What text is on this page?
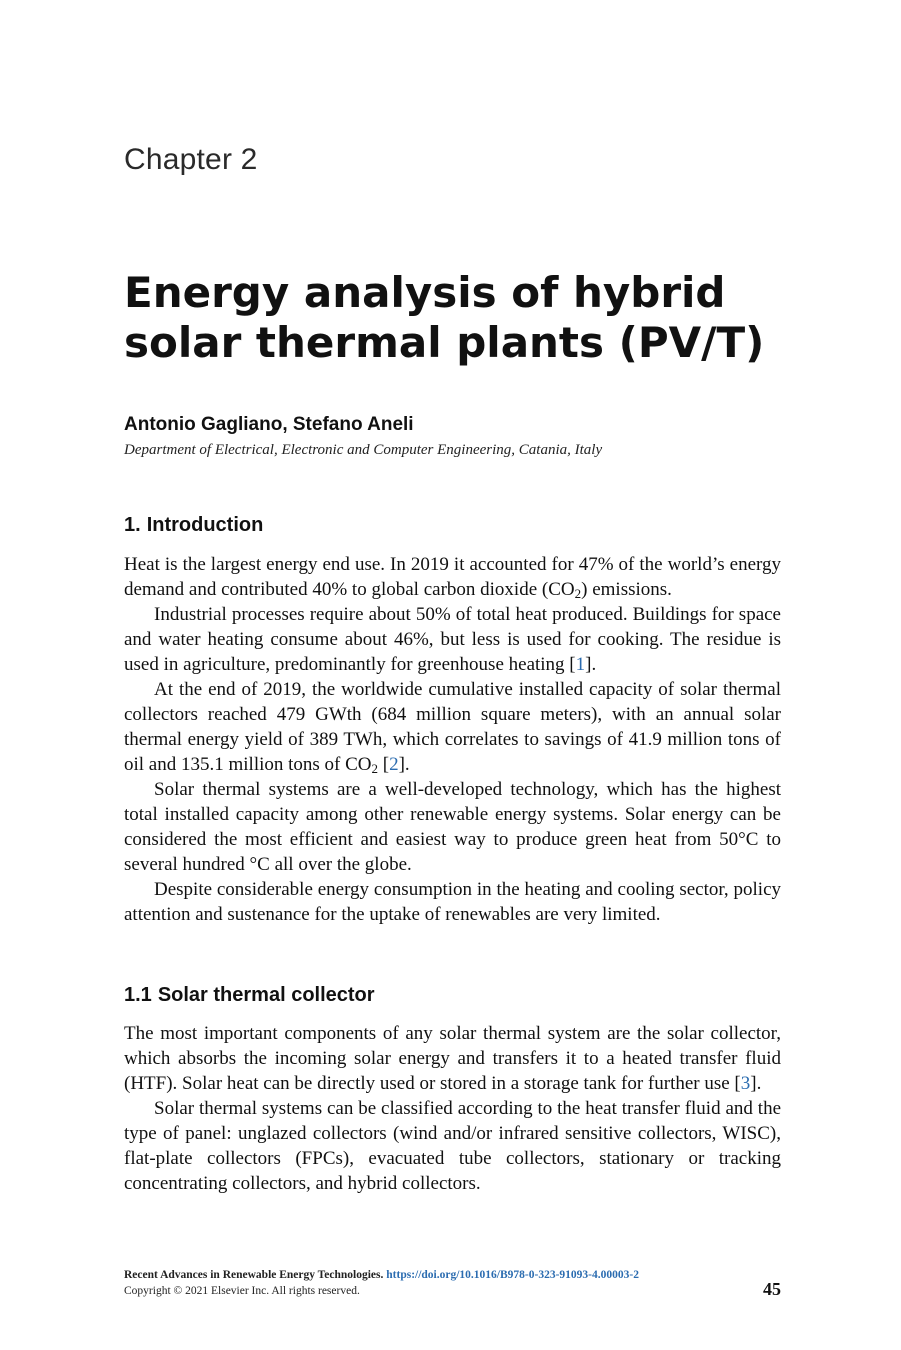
Chapter 2
Energy analysis of hybrid solar thermal plants (PV/T)
Antonio Gagliano, Stefano Aneli
Department of Electrical, Electronic and Computer Engineering, Catania, Italy
1. Introduction

Heat is the largest energy end use. In 2019 it accounted for 47% of the world’s energy demand and contributed 40% to global carbon dioxide $(CO_2)$ emissions.

Industrial processes require about 50% of total heat produced. Buildings for space and water heating consume about 46%, but less is used for cooking. The residue is used in agriculture, predominantly for greenhouse heating [1].

At the end of 2019, the worldwide cumulative installed capacity of solar thermal collectors reached 479 GWth (684 million square meters), with an annual solar thermal energy yield of 389 TWh, which correlates to savings of 41.9 million tons of oil and 135.1 million tons of $CO_2$ [2].

Solar thermal systems are a well-developed technology, which has the highest total installed capacity among other renewable energy systems. Solar energy can be considered the most efficient and easiest way to produce green heat from 50°C to several hundred °C all over the globe.

Despite considerable energy consumption in the heating and cooling sector, policy attention and sustenance for the uptake of renewables are very limited.

1.1 Solar thermal collector

The most important components of any solar thermal system are the solar collector, which absorbs the incoming solar energy and transfers it to a heated transfer fluid (HTF). Solar heat can be directly used or stored in a storage tank for further use [3].

Solar thermal systems can be classified according to the heat transfer fluid and the type of panel: unglazed collectors (wind and/or infrared sensitive collectors, WISC), flat-plate collectors (FPCs), evacuated tube collectors, stationary or tracking concentrating collectors, and hybrid collectors.

Recent Advances in Renewable Energy Technologies. https://doi.org/10.1016/B978-0-323-91093-4.00003-2
Copyright © 2021 Elsevier Inc. All rights reserved.	45
